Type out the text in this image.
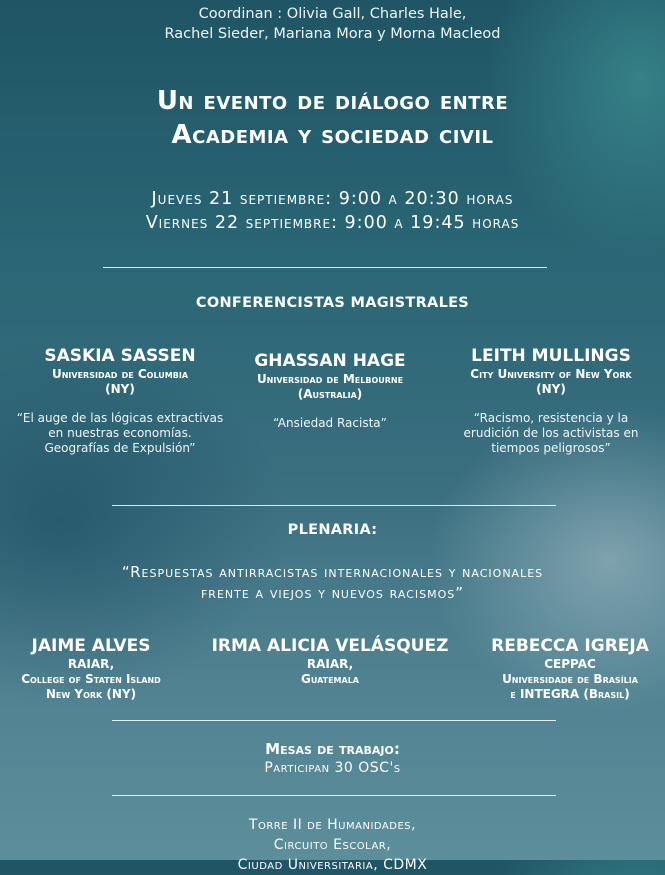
Coordinan : Olivia Gall, Charles Hale,
Rachel Sieder, Mariana Mora y Morna Macleod
Un evento de diálogo entre
Academia y sociedad civil
Jueves 21 septiembre: 9:00 a 20:30 horas
Viernes 22 septiembre: 9:00 a 19:45 horas
CONFERENCISTAS MAGISTRALES
SASKIA SASSEN
Universidad de Columbia
(NY)
“El auge de las lógicas extractivas
en nuestras economías.
Geografías de Expulsión”
GHASSAN HAGE
Universidad de Melbourne
(Australia)
“Ansiedad Racista”
LEITH MULLINGS
City University of New York
(NY)
“Racismo, resistencia y la
erudición de los activistas en
tiempos peligrosos”
PLENARIA:
“Respuestas antirracistas internacionales y nacionales
frente a viejos y nuevos racismos”
JAIME ALVES
RAIAR,
College of Staten Island
New York (NY)
IRMA ALICIA VELÁSQUEZ
RAIAR,
Guatemala
REBECCA IGREJA
CEPPAC
Universidade de Brasília
e INTEGRA (Brasil)
Mesas de trabajo:
Participan 30 OSC's
Torre II de Humanidades,
Circuito Escolar,
Ciudad Universitaria, CDMX
